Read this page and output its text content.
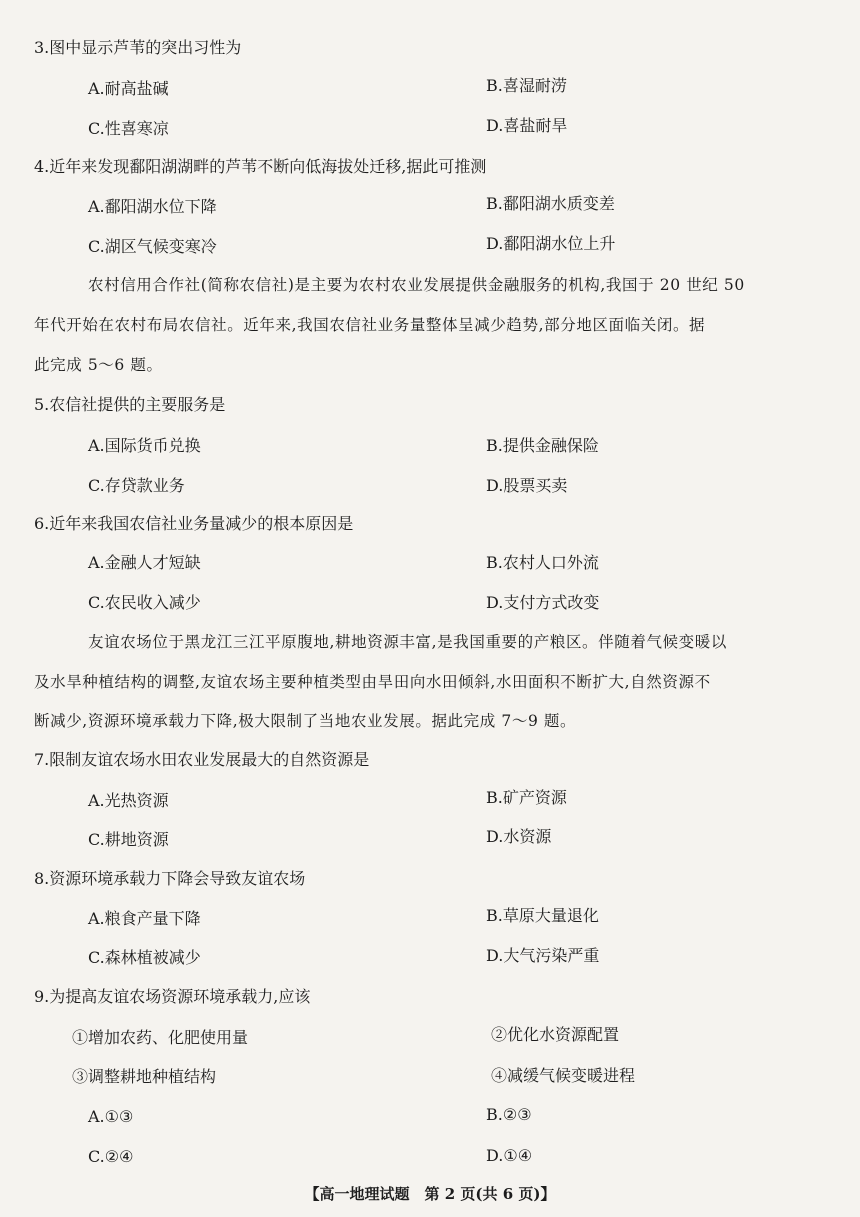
3.图中显示芦苇的突出习性为
A.耐高盐碱	B.喜湿耐涝
C.性喜寒凉	D.喜盐耐旱
4.近年来发现鄱阳湖湖畔的芦苇不断向低海拔处迁移,据此可推测
A.鄱阳湖水位下降	B.鄱阳湖水质变差
C.湖区气候变寒冷	D.鄱阳湖水位上升
农村信用合作社(简称农信社)是主要为农村农业发展提供金融服务的机构,我国于 20 世纪 50
年代开始在农村布局农信社。近年来,我国农信社业务量整体呈减少趋势,部分地区面临关闭。据
此完成 5～6 题。
5.农信社提供的主要服务是
A.国际货币兑换	B.提供金融保险
C.存贷款业务	D.股票买卖
6.近年来我国农信社业务量减少的根本原因是
A.金融人才短缺	B.农村人口外流
C.农民收入减少	D.支付方式改变
友谊农场位于黑龙江三江平原腹地,耕地资源丰富,是我国重要的产粮区。伴随着气候变暖以
及水旱种植结构的调整,友谊农场主要种植类型由旱田向水田倾斜,水田面积不断扩大,自然资源不
断减少,资源环境承载力下降,极大限制了当地农业发展。据此完成 7～9 题。
7.限制友谊农场水田农业发展最大的自然资源是
A.光热资源	B.矿产资源
C.耕地资源	D.水资源
8.资源环境承载力下降会导致友谊农场
A.粮食产量下降	B.草原大量退化
C.森林植被减少	D.大气污染严重
9.为提高友谊农场资源环境承载力,应该
①增加农药、化肥使用量	②优化水资源配置
③调整耕地种植结构	④减缓气候变暖进程
A.①③	B.②③
C.②④	D.①④
【高一地理试题　第 2 页(共 6 页)】
